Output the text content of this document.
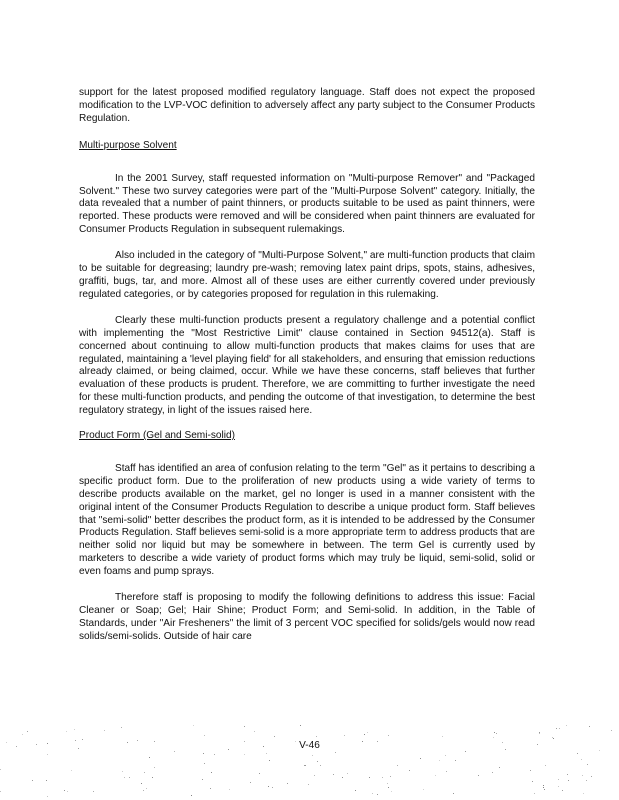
support for the latest proposed modified regulatory language. Staff does not expect the proposed modification to the LVP-VOC definition to adversely affect any party subject to the Consumer Products Regulation.

Multi-purpose Solvent

In the 2001 Survey, staff requested information on "Multi-purpose Remover" and "Packaged Solvent." These two survey categories were part of the "Multi-Purpose Solvent" category. Initially, the data revealed that a number of paint thinners, or products suitable to be used as paint thinners, were reported. These products were removed and will be considered when paint thinners are evaluated for Consumer Products Regulation in subsequent rulemakings.

Also included in the category of "Multi-Purpose Solvent," are multi-function products that claim to be suitable for degreasing; laundry pre-wash; removing latex paint drips, spots, stains, adhesives, graffiti, bugs, tar, and more. Almost all of these uses are either currently covered under previously regulated categories, or by categories proposed for regulation in this rulemaking.

Clearly these multi-function products present a regulatory challenge and a potential conflict with implementing the "Most Restrictive Limit" clause contained in Section 94512(a). Staff is concerned about continuing to allow multi-function products that makes claims for uses that are regulated, maintaining a 'level playing field' for all stakeholders, and ensuring that emission reductions already claimed, or being claimed, occur. While we have these concerns, staff believes that further evaluation of these products is prudent. Therefore, we are committing to further investigate the need for these multi-function products, and pending the outcome of that investigation, to determine the best regulatory strategy, in light of the issues raised here.

Product Form (Gel and Semi-solid)

Staff has identified an area of confusion relating to the term "Gel" as it pertains to describing a specific product form. Due to the proliferation of new products using a wide variety of terms to describe products available on the market, gel no longer is used in a manner consistent with the original intent of the Consumer Products Regulation to describe a unique product form. Staff believes that "semi-solid" better describes the product form, as it is intended to be addressed by the Consumer Products Regulation. Staff believes semi-solid is a more appropriate term to address products that are neither solid nor liquid but may be somewhere in between. The term Gel is currently used by marketers to describe a wide variety of product forms which may truly be liquid, semi-solid, solid or even foams and pump sprays.

Therefore staff is proposing to modify the following definitions to address this issue: Facial Cleaner or Soap; Gel; Hair Shine; Product Form; and Semi-solid. In addition, in the Table of Standards, under "Air Fresheners" the limit of 3 percent VOC specified for solids/gels would now read solids/semi-solids. Outside of hair care

V-46
